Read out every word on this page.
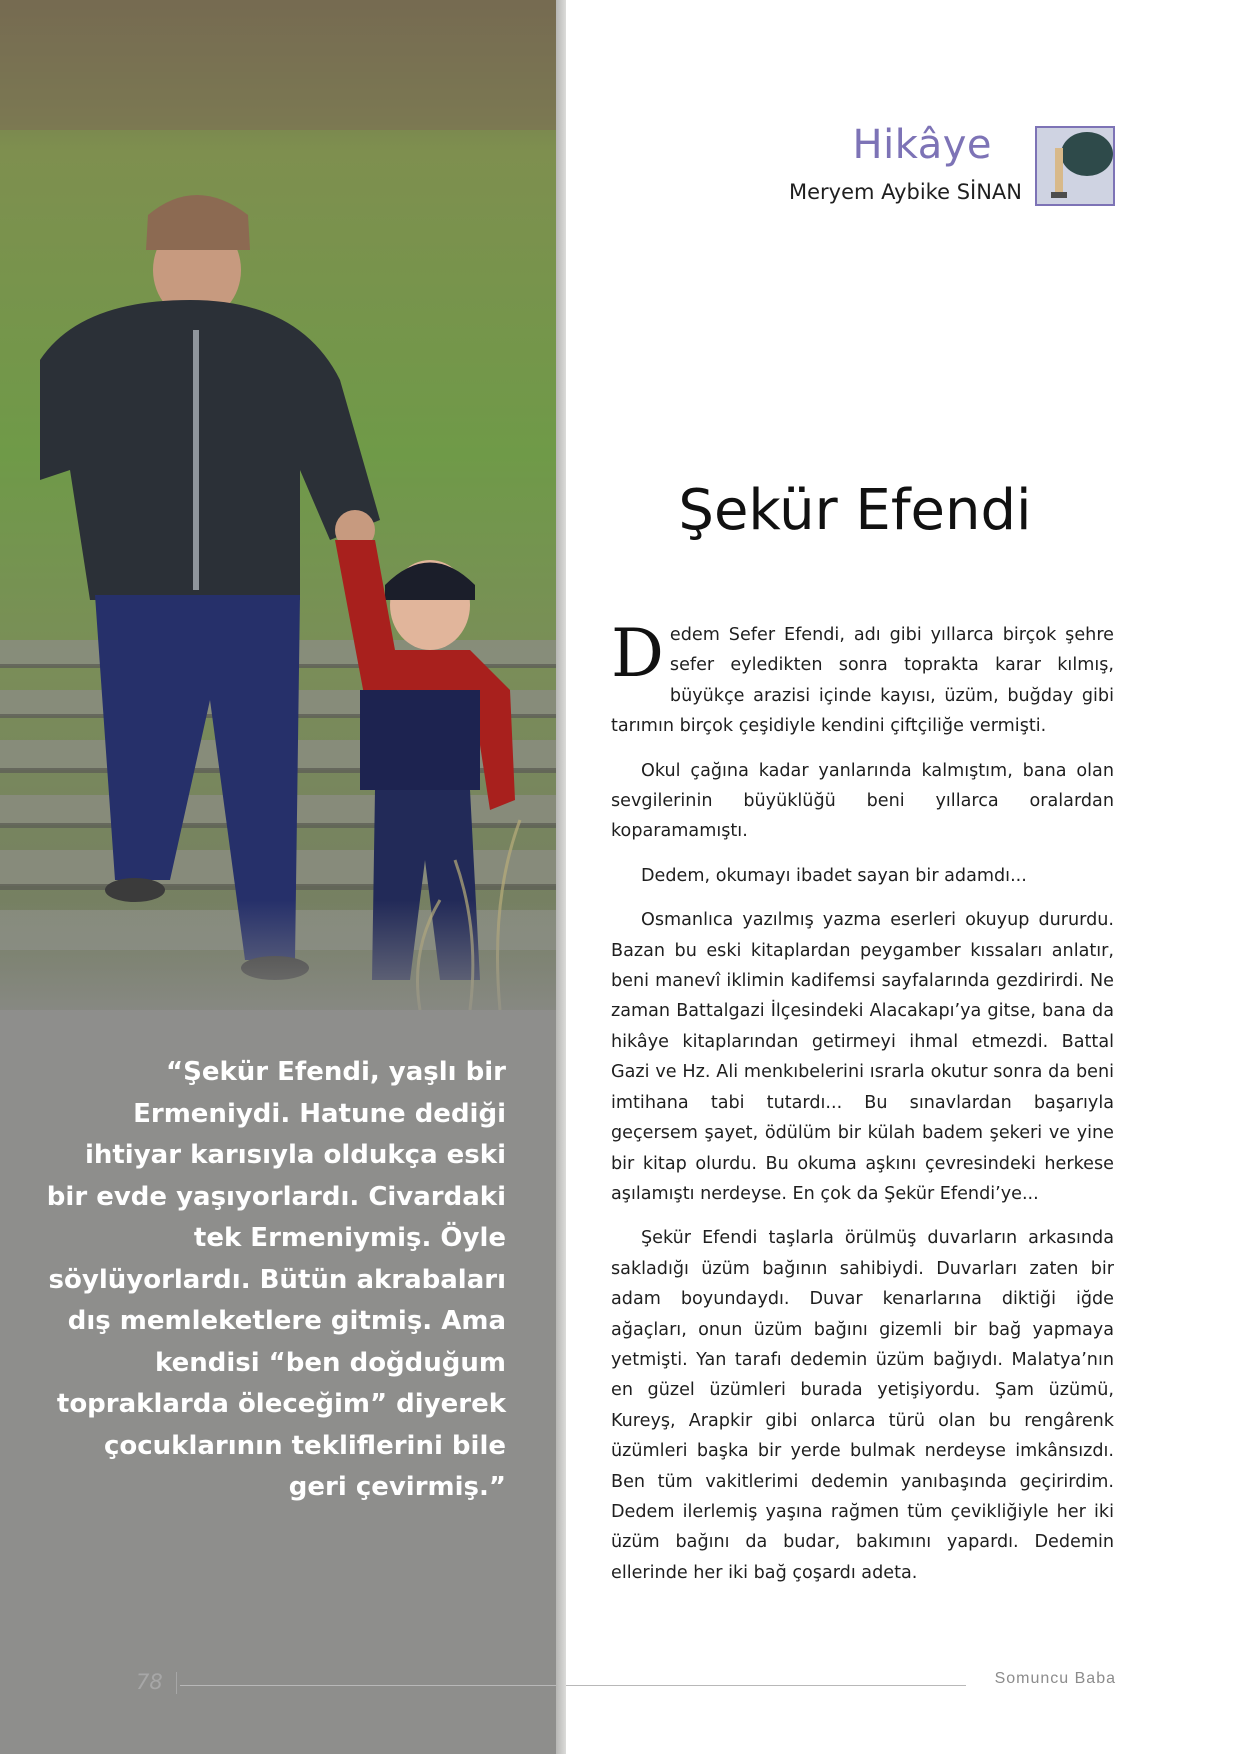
“Şekür Efendi, yaşlı bir Ermeniydi. Hatune dediği ihtiyar karısıyla oldukça eski bir evde yaşıyorlardı. Civardaki tek Ermeniymiş. Öyle söylüyorlardı. Bütün akrabaları dış memleketlere gitmiş. Ama kendisi “ben doğduğum topraklarda öleceğim” diyerek çocuklarının tekliflerini bile geri çevirmiş.”

Hikâye
Meryem Aybike SİNAN
Şekür Efendi

Dedem Sefer Efendi, adı gibi yıllarca birçok şehre sefer eyledikten sonra toprakta karar kılmış, büyükçe arazisi içinde kayısı, üzüm, buğday gibi tarımın birçok çeşidiyle kendini çiftçiliğe vermişti.

Okul çağına kadar yanlarında kalmıştım, bana olan sevgilerinin büyüklüğü beni yıllarca oralardan koparamamıştı.

Dedem, okumayı ibadet sayan bir adamdı...

Osmanlıca yazılmış yazma eserleri okuyup dururdu. Bazan bu eski kitaplardan peygamber kıssaları anlatır, beni manevî iklimin kadifemsi sayfalarında gezdirirdi. Ne zaman Battalgazi İlçesindeki Alacakapı’ya gitse, bana da hikâye kitaplarından getirmeyi ihmal etmezdi. Battal Gazi ve Hz. Ali menkıbelerini ısrarla okutur sonra da beni imtihana tabi tutardı... Bu sınavlardan başarıyla geçersem şayet, ödülüm bir külah badem şekeri ve yine bir kitap olurdu. Bu okuma aşkını çevresindeki herkese aşılamıştı nerdeyse. En çok da Şekür Efendi’ye...

Şekür Efendi taşlarla örülmüş duvarların arkasında sakladığı üzüm bağının sahibiydi. Duvarları zaten bir adam boyundaydı. Duvar kenarlarına diktiği iğde ağaçları, onun üzüm bağını gizemli bir bağ yapmaya yetmişti. Yan tarafı dedemin üzüm bağıydı. Malatya’nın en güzel üzümleri burada yetişiyordu. Şam üzümü, Kureyş, Arapkir gibi onlarca türü olan bu rengârenk üzümleri başka bir yerde bulmak nerdeyse imkânsızdı. Ben tüm vakitlerimi dedemin yanıbaşında geçirirdim. Dedem ilerlemiş yaşına rağmen tüm çevikliğiyle her iki üzüm bağını da budar, bakımını yapardı. Dedemin ellerinde her iki bağ çoşardı adeta.

78	Somuncu Baba
